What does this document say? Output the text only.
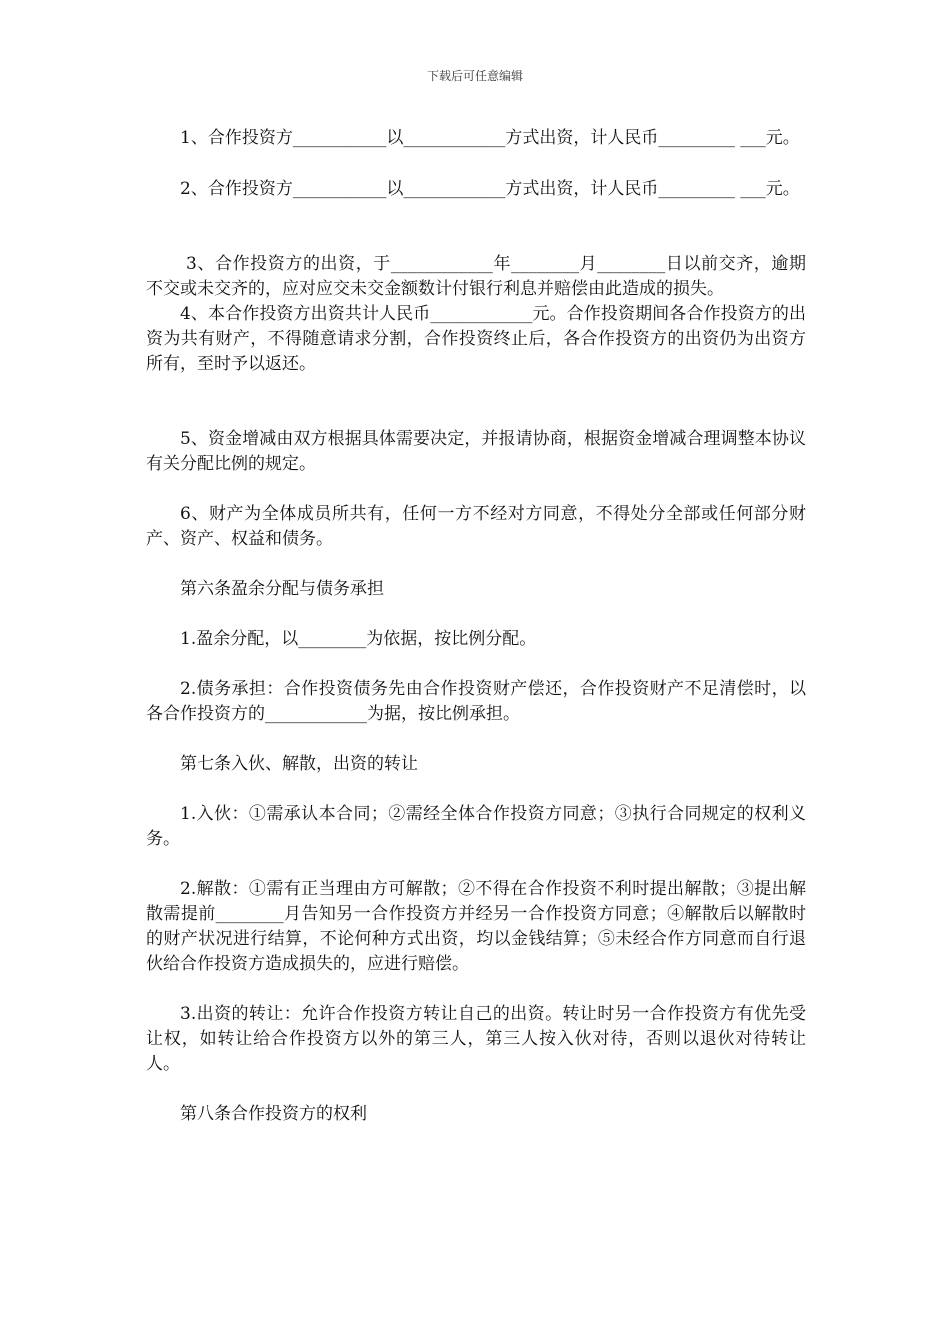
下载后可任意编辑

1、合作投资方___________以____________方式出资，计人民币_________ ___元。

2、合作投资方___________以____________方式出资，计人民币_________ ___元。

3、合作投资方的出资，于____________年________月________日以前交齐，逾期不交或未交齐的，应对应交未交金额数计付银行利息并赔偿由此造成的损失。

4、本合作投资方出资共计人民币____________元。合作投资期间各合作投资方的出资为共有财产，不得随意请求分割，合作投资终止后，各合作投资方的出资仍为出资方所有，至时予以返还。

5、资金增减由双方根据具体需要决定，并报请协商，根据资金增减合理调整本协议有关分配比例的规定。

6、财产为全体成员所共有，任何一方不经对方同意，不得处分全部或任何部分财产、资产、权益和债务。

第六条盈余分配与债务承担

1.盈余分配，以________为依据，按比例分配。

2.债务承担：合作投资债务先由合作投资财产偿还，合作投资财产不足清偿时，以各合作投资方的____________为据，按比例承担。

第七条入伙、解散，出资的转让

1.入伙：①需承认本合同；②需经全体合作投资方同意；③执行合同规定的权利义务。

2.解散：①需有正当理由方可解散；②不得在合作投资不利时提出解散；③提出解散需提前________月告知另一合作投资方并经另一合作投资方同意；④解散后以解散时的财产状况进行结算，不论何种方式出资，均以金钱结算；⑤未经合作方同意而自行退伙给合作投资方造成损失的，应进行赔偿。

3.出资的转让：允许合作投资方转让自己的出资。转让时另一合作投资方有优先受让权，如转让给合作投资方以外的第三人，第三人按入伙对待，否则以退伙对待转让人。

第八条合作投资方的权利
